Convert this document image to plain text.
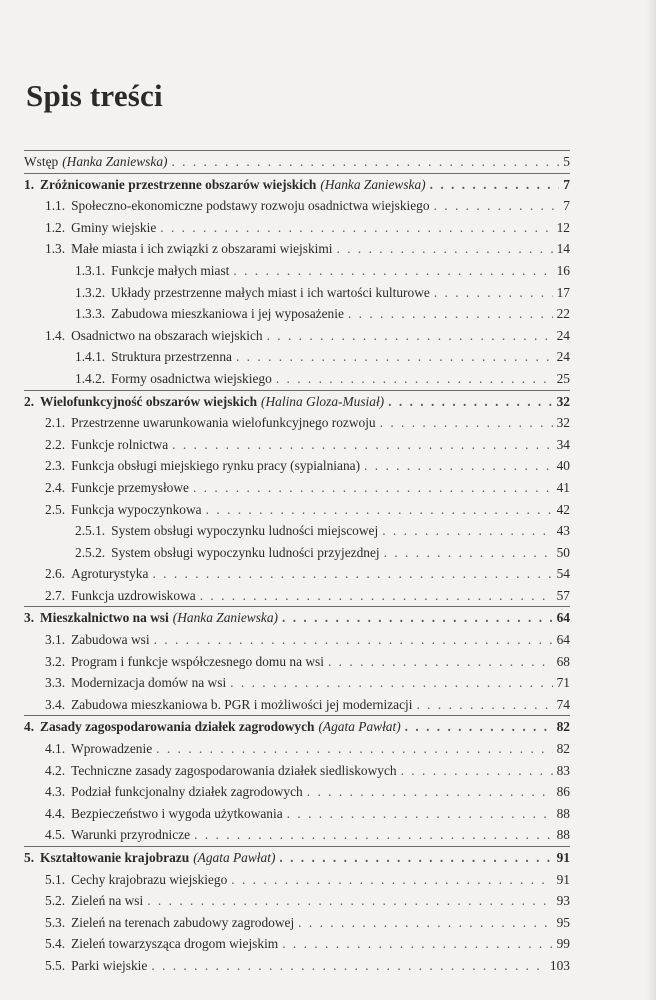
Spis treści
Wstęp (Hanka Zaniewska) . . .	5
1. Zróżnicowanie przestrzenne obszarów wiejskich (Hanka Zaniewska) . . .	7
1.1. Społeczno-ekonomiczne podstawy rozwoju osadnictwa wiejskiego . . .	7
1.2. Gminy wiejskie . . .	12
1.3. Małe miasta i ich związki z obszarami wiejskimi . . .	14
1.3.1. Funkcje małych miast . . .	16
1.3.2. Układy przestrzenne małych miast i ich wartości kulturowe . . .	17
1.3.3. Zabudowa mieszkaniowa i jej wyposażenie . . .	22
1.4. Osadnictwo na obszarach wiejskich . . .	24
1.4.1. Struktura przestrzenna . . .	24
1.4.2. Formy osadnictwa wiejskiego . . .	25
2. Wielofunkcyjność obszarów wiejskich (Halina Gloza-Musiał) . . .	32
2.1. Przestrzenne uwarunkowania wielofunkcyjnego rozwoju . . .	32
2.2. Funkcje rolnictwa . . .	34
2.3. Funkcja obsługi miejskiego rynku pracy (sypialniana) . . .	40
2.4. Funkcje przemysłowe . . .	41
2.5. Funkcja wypoczynkowa . . .	42
2.5.1. System obsługi wypoczynku ludności miejscowej . . .	43
2.5.2. System obsługi wypoczynku ludności przyjezdnej . . .	50
2.6. Agroturystyka . . .	54
2.7. Funkcja uzdrowiskowa . . .	57
3. Mieszkalnictwo na wsi (Hanka Zaniewska) . . .	64
3.1. Zabudowa wsi . . .	64
3.2. Program i funkcje współczesnego domu na wsi . . .	68
3.3. Modernizacja domów na wsi . . .	71
3.4. Zabudowa mieszkaniowa b. PGR i możliwości jej modernizacji . . .	74
4. Zasady zagospodarowania działek zagrodowych (Agata Pawłat) . . .	82
4.1. Wprowadzenie . . .	82
4.2. Techniczne zasady zagospodarowania działek siedliskowych . . .	83
4.3. Podział funkcjonalny działek zagrodowych . . .	86
4.4. Bezpieczeństwo i wygoda użytkowania . . .	88
4.5. Warunki przyrodnicze . . .	88
5. Kształtowanie krajobrazu (Agata Pawłat) . . .	91
5.1. Cechy krajobrazu wiejskiego . . .	91
5.2. Zieleń na wsi . . .	93
5.3. Zieleń na terenach zabudowy zagrodowej . . .	95
5.4. Zieleń towarzysząca drogom wiejskim . . .	99
5.5. Parki wiejskie . . .	103
